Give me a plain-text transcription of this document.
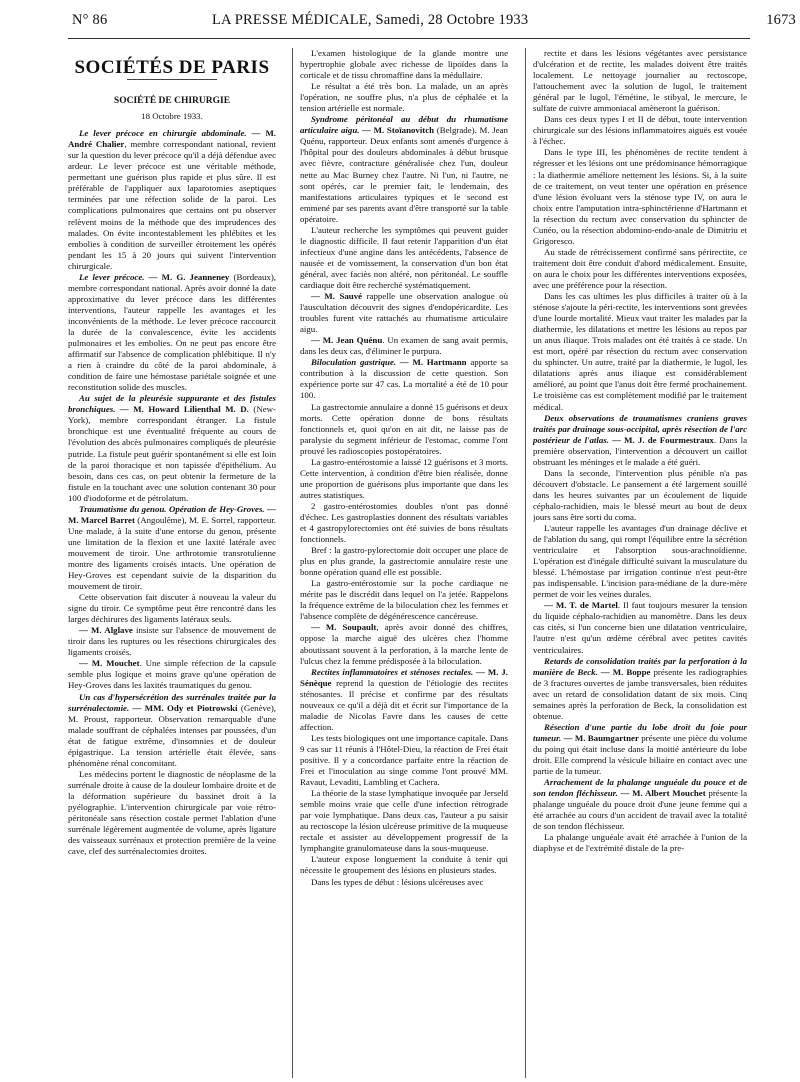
N° 86	LA PRESSE MÉDICALE, Samedi, 28 Octobre 1933	1673
SOCIÉTÉS DE PARIS
SOCIÉTÉ DE CHIRURGIE
18 Octobre 1933.

Le lever précoce en chirurgie abdominale. — M. André Chalier, membre correspondant national, revient sur la question du lever précoce qu'il a déjà défendue avec ardeur. Le lever précoce est une véritable méthode, permettant une guérison plus rapide et plus sûre. Il est préférable de l'appliquer aux laparotomies aseptiques terminées par une réfection solide de la paroi. Les complications pulmonaires que certains ont pu observer relèvent moins de la méthode que des imprudences des malades. On évite incontestablement les phlébites et les embolies à condition de surveiller étroitement les opérés pendant les 15 à 20 jours qui suivent l'intervention chirurgicale.

Le lever précoce. — M. G. Jeanneney (Bordeaux), membre correspondant national. Après avoir donné la date approximative du lever précoce dans les différentes interventions, l'auteur rappelle les avantages et les inconvénients de la méthode. Le lever précoce raccourcit la durée de la convalescence, évite les accidents pulmonaires et les embolies. On ne peut pas encore être affirmatif sur l'absence de complication phlébitique. Il n'y a rien à craindre du côté de la paroi abdominale, à condition de faire une hémostase pariétale soignée et une reconstitution solide des muscles.

Au sujet de la pleurésie suppurante et des fistules bronchiques. — M. Howard Lilienthal M. D. (New-York), membre correspondant étranger. La fistule bronchique est une éventualité fréquente au cours de l'évolution des abcès pulmonaires compliqués de pleurésie putride. La fistule peut guérir spontanément si elle est loin de la paroi thoracique et non tapissée d'épithélium. Au besoin, dans ces cas, on peut obtenir la fermeture de la fistule en la touchant avec une solution contenant 30 pour 100 d'iodoforme et de pétrolatum.

Traumatisme du genou. Opération de Hey-Groves. — M. Marcel Barret (Angoulême), M. E. Sorrel, rapporteur. Une malade, à la suite d'une entorse du genou, présente une limitation de la flexion et une laxité latérale avec mouvement de tiroir. Une arthrotomie transrotulienne montre des ligaments croisés intacts. Une opération de Hey-Groves est cependant suivie de la disparition du mouvement de tiroir.

Cette observation fait discuter à nouveau la valeur du signe du tiroir. Ce symptôme peut être rencontré dans les larges déchirures des ligaments latéraux seuls.

— M. Alglave insiste sur l'absence de mouvement de tiroir dans les ruptures ou les résections chirurgicales des ligaments croisés.

— M. Mouchet. Une simple réfection de la capsule semble plus logique et moins grave qu'une opération de Hey-Groves dans les laxités traumatiques du genou.

Un cas d'hypersécrétion des surrénales traitée par la surrénalectomie. — MM. Ody et Piotrowski (Genève), M. Proust, rapporteur. Observation remarquable d'une malade souffrant de céphalées intenses par poussées, d'un état de fatigue extrême, d'insomnies et de douleur épigastrique. La tension artérielle était élevée, sans phénomène rénal concomitant.

Les médecins portent le diagnostic de néoplasme de la surrénale droite à cause de la douleur lombaire droite et de la déformation supérieure du bassinet droit à la pyélographie. L'intervention chirurgicale par voie rétro-péritonéale sans résection costale permet l'ablation d'une surrénale légèrement augmentée de volume, après ligature des vaisseaux surrénaux et protection première de la veine cave, clef des surrénalectomies droites.

L'examen histologique de la glande montre une hypertrophie globale avec richesse de lipoïdes dans la corticale et de tissu chromaffine dans la médullaire.

Le résultat a été très bon. La malade, un an après l'opération, ne souffre plus, n'a plus de céphalée et la tension artérielle est normale.

Syndrome péritonéal au début du rhumatisme articulaire aigu. — M. Stoïanovitch (Belgrade). M. Jean Quénu, rapporteur. Deux enfants sont amenés d'urgence à l'hôpital pour des douleurs abdominales à début brusque avec fièvre, contracture généralisée chez l'un, douleur nette au Mac Burney chez l'autre. Ni l'un, ni l'autre, ne sont opérés, car le premier fait, le lendemain, des manifestations articulaires typiques et le second est emmené par ses parents avant d'être transporté sur la table opératoire.

L'auteur recherche les symptômes qui peuvent guider le diagnostic difficile. Il faut retenir l'apparition d'un état infectieux d'une angine dans les antécédents, l'absence de nausée et de vomissement, la conservation d'un bon état général, avec faciès non altéré, non péritonéal. Le souffle cardiaque doit être recherché systématiquement.

— M. Sauvé rappelle une observation analogue où l'auscultation découvrit des signes d'endopéricardite. Les troubles furent vite rattachés au rhumatisme articulaire aigu.

— M. Jean Quénu. Un examen de sang avait permis, dans les deux cas, d'éliminer le purpura.

Biloculation gastrique. — M. Hartmann apporte sa contribution à la discussion de cette question. Son expérience porte sur 47 cas. La mortalité a été de 10 pour 100.

La gastrectomie annulaire a donné 15 guérisons et deux morts. Cette opération donne de bons résultats fonctionnels et, quoi qu'on en ait dit, ne laisse pas de paralysie du segment inférieur de l'estomac, comme l'ont prouvé les radioscopies postopératoires.

La gastro-entérostomie a laissé 12 guérisons et 3 morts. Cette intervention, à condition d'être bien réalisée, donne une proportion de guérisons plus importante que dans les autres statistiques.

2 gastro-entérostomies doubles n'ont pas donné d'échec. Les gastroplasties donnent des résultats variables et 4 gastropylorectomies ont été suivies de bons résultats fonctionnels.

Bref : la gastro-pylorectomie doit occuper une place de plus en plus grande, la gastrectomie annulaire reste une bonne opération quand elle est possible.

La gastro-entérostomie sur la poche cardiaque ne mérite pas le discrédit dans lequel on l'a jetée. Rappelons la fréquence extrême de la biloculation chez les femmes et l'absence complète de dégénérescence cancéreuse.

— M. Soupault, après avoir donné des chiffres, oppose la marche aiguë des ulcères chez l'homme aboutissant souvent à la perforation, à la marche lente de l'ulcus chez la femme prédisposée à la biloculation.

Rectites inflammatoires et sténoses rectales. — M. J. Sénèque reprend la question de l'étiologie des rectites sténosantes. Il précise et confirme par des résultats nouveaux ce qu'il a déjà dit et écrit sur l'importance de la maladie de Nicolas Favre dans les causes de cette affection.

Les tests biologiques ont une importance capitale. Dans 9 cas sur 11 réunis à l'Hôtel-Dieu, la réaction de Frei était positive. Il y a concordance parfaite entre la réaction de Frei et l'inoculation au singe comme l'ont prouvé MM. Ravaut, Levaditi, Lambling et Cachera.

La théorie de la stase lymphatique invoquée par Jerseld semble moins vraie que celle d'une infection rétrograde par voie lymphatique. Dans deux cas, l'auteur a pu saisir au rectoscope la lésion ulcéreuse primitive de la muqueuse rectale et assister au développement progressif de la lymphangite granulomateuse dans la sous-muqueuse.

L'auteur expose longuement la conduite à tenir qui nécessite le groupement des lésions en plusieurs stades.

Dans les types de début : lésions ulcéreuses avec

rectite et dans les lésions végétantes avec persistance d'ulcération et de rectite, les malades doivent être traités localement. Le nettoyage journalier au rectoscope, l'attouchement avec la solution de lugol, le traitement général par le lugol, l'émétine, le stibyal, le mercure, le sulfate de cuivre ammoniacal amèneront la guérison.

Dans ces deux types I et II de début, toute intervention chirurgicale sur des lésions inflammatoires aiguës est vouée à l'échec.

Dans le type III, les phénomènes de rectite tendent à régresser et les lésions ont une prédominance hémorragique : la diathermie améliore nettement les lésions. Si, à la suite de ce traitement, on veut tenter une opération en présence d'une lésion évoluant vers la sténose type IV, on aura le choix entre l'amputation intra-sphinctérienne d'Hartmann et la résection du rectum avec conservation du sphincter de Cunéo, ou la résection abdomino-endo-anale de Dimitriu et Grigoresco.

Au stade de rétrécissement confirmé sans périrectite, ce traitement doit être conduit d'abord médicalement. Ensuite, on aura le choix pour les différentes interventions exposées, avec une préférence pour la résection.

Dans les cas ultimes les plus difficiles à traiter où à la sténose s'ajoute la péri-rectite, les interventions sont grevées d'une lourde mortalité. Mieux vaut traiter les malades par la diathermie, les dilatations et mettre les lésions au repos par un anus iliaque. Trois malades ont été traités à ce stade. Un est mort, opéré par résection du rectum avec conservation du sphincter. Un autre, traité par la diathermie, le lugol, les dilatations après anus iliaque est considérablement amélioré, au point que l'anus doit être fermé prochainement. Le troisième cas est complètement modifié par le traitement médical.

Deux observations de traumatismes craniens graves traités par drainage sous-occipital, après résection de l'arc postérieur de l'atlas. — M. J. de Fourmestraux. Dans la première observation, l'intervention a découvert un caillot obstruant les méninges et le malade a été guéri.

Dans la seconde, l'intervention plus pénible n'a pas découvert d'obstacle. Le pansement a été largement souillé dans les heures suivantes par un écoulement de liquide céphalo-rachidien, mais le blessé meurt au bout de deux jours sans être sorti du coma.

L'auteur rappelle les avantages d'un drainage déclive et de l'ablation du sang, qui rompt l'équilibre entre la sécrétion ventriculaire et l'absorption sous-arachnoïdienne. L'opération est d'inégale difficulté suivant la musculature du blessé. L'hémostase par irrigation continue n'est peut-être pas indispensable. L'incision para-médiane de la dure-mère permet de voir les veines durales.

— M. T. de Martel. Il faut toujours mesurer la tension du liquide céphalo-rachidien au manomètre. Dans les deux cas cités, si l'un concerne bien une dilatation ventriculaire, l'autre n'est qu'un œdème cérébral avec petites cavités ventriculaires.

Retards de consolidation traités par la perforation à la manière de Beck. — M. Boppe présente les radiographies de 3 fractures ouvertes de jambe transversales, bien réduites avec un retard de consolidation datant de six mois. Cinq semaines après la perforation de Beck, la consolidation est obtenue.

Résection d'une partie du lobe droit du foie pour tumeur. — M. Baumgartner présente une pièce du volume du poing qui était incluse dans la moitié antérieure du lobe droit. Elle comprend la vésicule biliaire en contact avec une partie de la tumeur.

Arrachement de la phalange unguéale du pouce et de son tendon fléchisseur. — M. Albert Mouchet présente la phalange unguéale du pouce droit d'une jeune femme qui a été arrachée au cours d'un accident de travail avec la totalité de son tendon fléchisseur.

La phalange unguéale avait été arrachée à l'union de la diaphyse et de l'extrémité distale de la pre-
